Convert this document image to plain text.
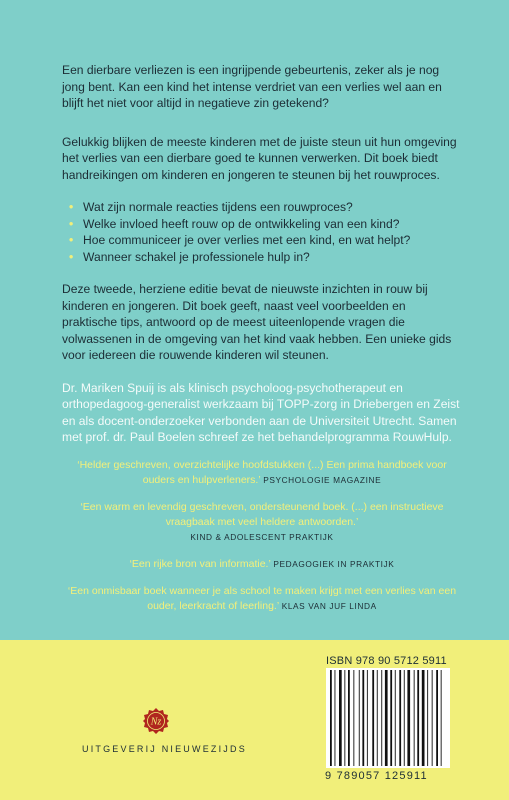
Een dierbare verliezen is een ingrijpende gebeurtenis, zeker als je nog jong bent. Kan een kind het intense verdriet van een verlies wel aan en blijft het niet voor altijd in negatieve zin getekend?

Gelukkig blijken de meeste kinderen met de juiste steun uit hun omgeving het verlies van een dierbare goed te kunnen verwerken. Dit boek biedt handreikingen om kinderen en jongeren te steunen bij het rouwproces.

• Wat zijn normale reacties tijdens een rouwproces?
• Welke invloed heeft rouw op de ontwikkeling van een kind?
• Hoe communiceer je over verlies met een kind, en wat helpt?
• Wanneer schakel je professionele hulp in?

Deze tweede, herziene editie bevat de nieuwste inzichten in rouw bij kinderen en jongeren. Dit boek geeft, naast veel voorbeelden en praktische tips, antwoord op de meest uiteenlopende vragen die volwassenen in de omgeving van het kind vaak hebben. Een unieke gids voor iedereen die rouwende kinderen wil steunen.

Dr. Mariken Spuij is als klinisch psycholoog-psychotherapeut en orthopedagoog-generalist werkzaam bij TOPP-zorg in Driebergen en Zeist en als docent-onderzoeker verbonden aan de Universiteit Utrecht. Samen met prof. dr. Paul Boelen schreef ze het behandelprogramma RouwHulp.

‘Helder geschreven, overzichtelijke hoofdstukken (...) Een prima handboek voor ouders en hulpverleners.’ PSYCHOLOGIE MAGAZINE
‘Een warm en levendig geschreven, ondersteunend boek. (...) een instructieve vraagbaak met veel heldere antwoorden.’
KIND & ADOLESCENT PRAKTIJK
‘Een rijke bron van informatie.’ PEDAGOGIEK IN PRAKTIJK
‘Een onmisbaar boek wanneer je als school te maken krijgt met een verlies van een ouder, leerkracht of leerling.’ KLAS VAN JUF LINDA
Nz
UITGEVERIJ NIEUWEZIJDS
ISBN 978 90 5712 5911
9 789057 125911
